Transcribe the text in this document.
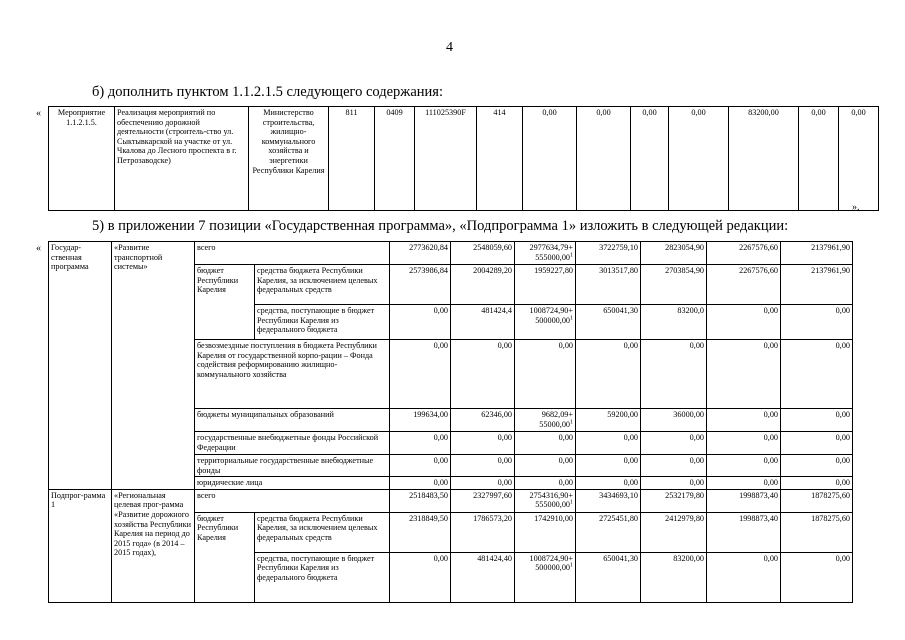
4
б) дополнить пунктом 1.1.2.1.5 следующего содержания:
« Мероприятие 1.1.2.1.5.	Реализация мероприятий по обеспечению дорожной деятельности (строитель-ство ул. Сыктывкарской на участке от ул. Чкалова до Лесного проспекта в г. Петрозаводске)	Министерство строительства, жилищно-коммунального хозяйства и энергетики Республики Карелия	811	0409	111025390F	414	0,00	0,00	0,00	0,00	83200,00	0,00	0,00
».
5) в приложении 7 позиции «Государственная программа», «Подпрограмма 1» изложить в следующей редакции:
« Государ-ственная программа	«Развитие транспортной системы»	всего		2773620,84	2548059,60	2977634,79+
$555000,00^1$	3722759,10	2823054,90	2267576,60	2137961,90
		бюджет Республики Карелия	средства бюджета Республики Карелия, за исключением целевых федеральных средств	2573986,84	2004289,20	1959227,80	3013517,80	2703854,90	2267576,60	2137961,90
			средства, поступающие в бюджет Республики Карелия из федерального бюджета	0,00	481424,4	1008724,90+
$500000,00^1$	650041,30	83200,0	0,00	0,00
		безвозмездные поступления в бюджета Республики Карелия от государственной корпо-рации – Фонда содействия реформированию жилищно-коммунального хозяйства		0,00	0,00	0,00	0,00	0,00	0,00	0,00
		бюджеты муниципальных образований		199634,00	62346,00	9682,09+
$55000,00^1$	59200,00	36000,00	0,00	0,00
		государственные внебюджетные фонды Российской Федерации		0,00	0,00	0,00	0,00	0,00	0,00	0,00
		территориальные государственные внебюджетные фонды		0,00	0,00	0,00	0,00	0,00	0,00	0,00
		юридические лица		0,00	0,00	0,00	0,00	0,00	0,00	0,00
Подпрог-рамма 1	«Региональная целевая прог-рамма «Развитие дорожного хозяйства Республики Карелия на период до 2015 года» (в 2014 – 2015 годах),	всего		2518483,50	2327997,60	2754316,90+
$555000,00^1$	3434693,10	2532179,80	1998873,40	1878275,60
		бюджет Республики Карелия	средства бюджета Республики Карелия, за исключением целевых федеральных средств	2318849,50	1786573,20	1742910,00	2725451,80	2412979,80	1998873,40	1878275,60
			средства, поступающие в бюджет Республики Карелия из федерального бюджета	0,00	481424,40	1008724,90+
$500000,00^1$	650041,30	83200,00	0,00	0,00
